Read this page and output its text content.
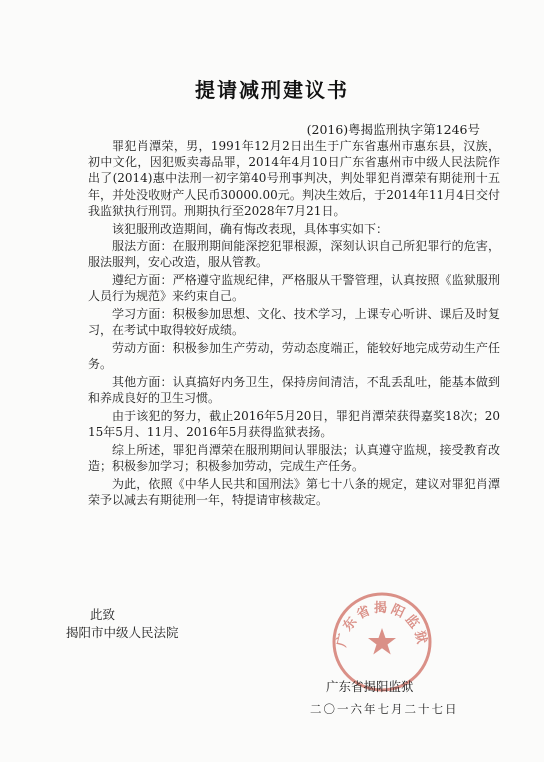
提请减刑建议书
(2016)粤揭监刑执字第1246号

罪犯肖潭荣，男，1991年12月2日出生于广东省惠州市惠东县，汉族，初中文化，因犯贩卖毒品罪，2014年4月10日广东省惠州市中级人民法院作出了(2014)惠中法刑一初字第40号刑事判决，判处罪犯肖潭荣有期徒刑十五年，并处没收财产人民币30000.00元。判决生效后，于2014年11月4日交付我监狱执行刑罚。刑期执行至2028年7月21日。

该犯服刑改造期间，确有悔改表现，具体事实如下：

服法方面：在服刑期间能深挖犯罪根源，深刻认识自己所犯罪行的危害，服法服判，安心改造，服从管教。

遵纪方面：严格遵守监规纪律，严格服从干警管理，认真按照《监狱服刑人员行为规范》来约束自己。

学习方面：积极参加思想、文化、技术学习，上课专心听讲、课后及时复习，在考试中取得较好成绩。

劳动方面：积极参加生产劳动，劳动态度端正，能较好地完成劳动生产任务。

其他方面：认真搞好内务卫生，保持房间清洁，不乱丢乱吐，能基本做到和养成良好的卫生习惯。

由于该犯的努力，截止2016年5月20日，罪犯肖潭荣获得嘉奖18次；2015年5月、11月、2016年5月获得监狱表扬。

综上所述，罪犯肖潭荣在服刑期间认罪服法；认真遵守监规，接受教育改造；积极参加学习；积极参加劳动，完成生产任务。

为此，依照《中华人民共和国刑法》第七十八条的规定，建议对罪犯肖潭荣予以减去有期徒刑一年，特提请审核裁定。

此致
揭阳市中级人民法院	广东省揭阳监狱
广东省揭阳监狱
二〇一六年七月二十七日
